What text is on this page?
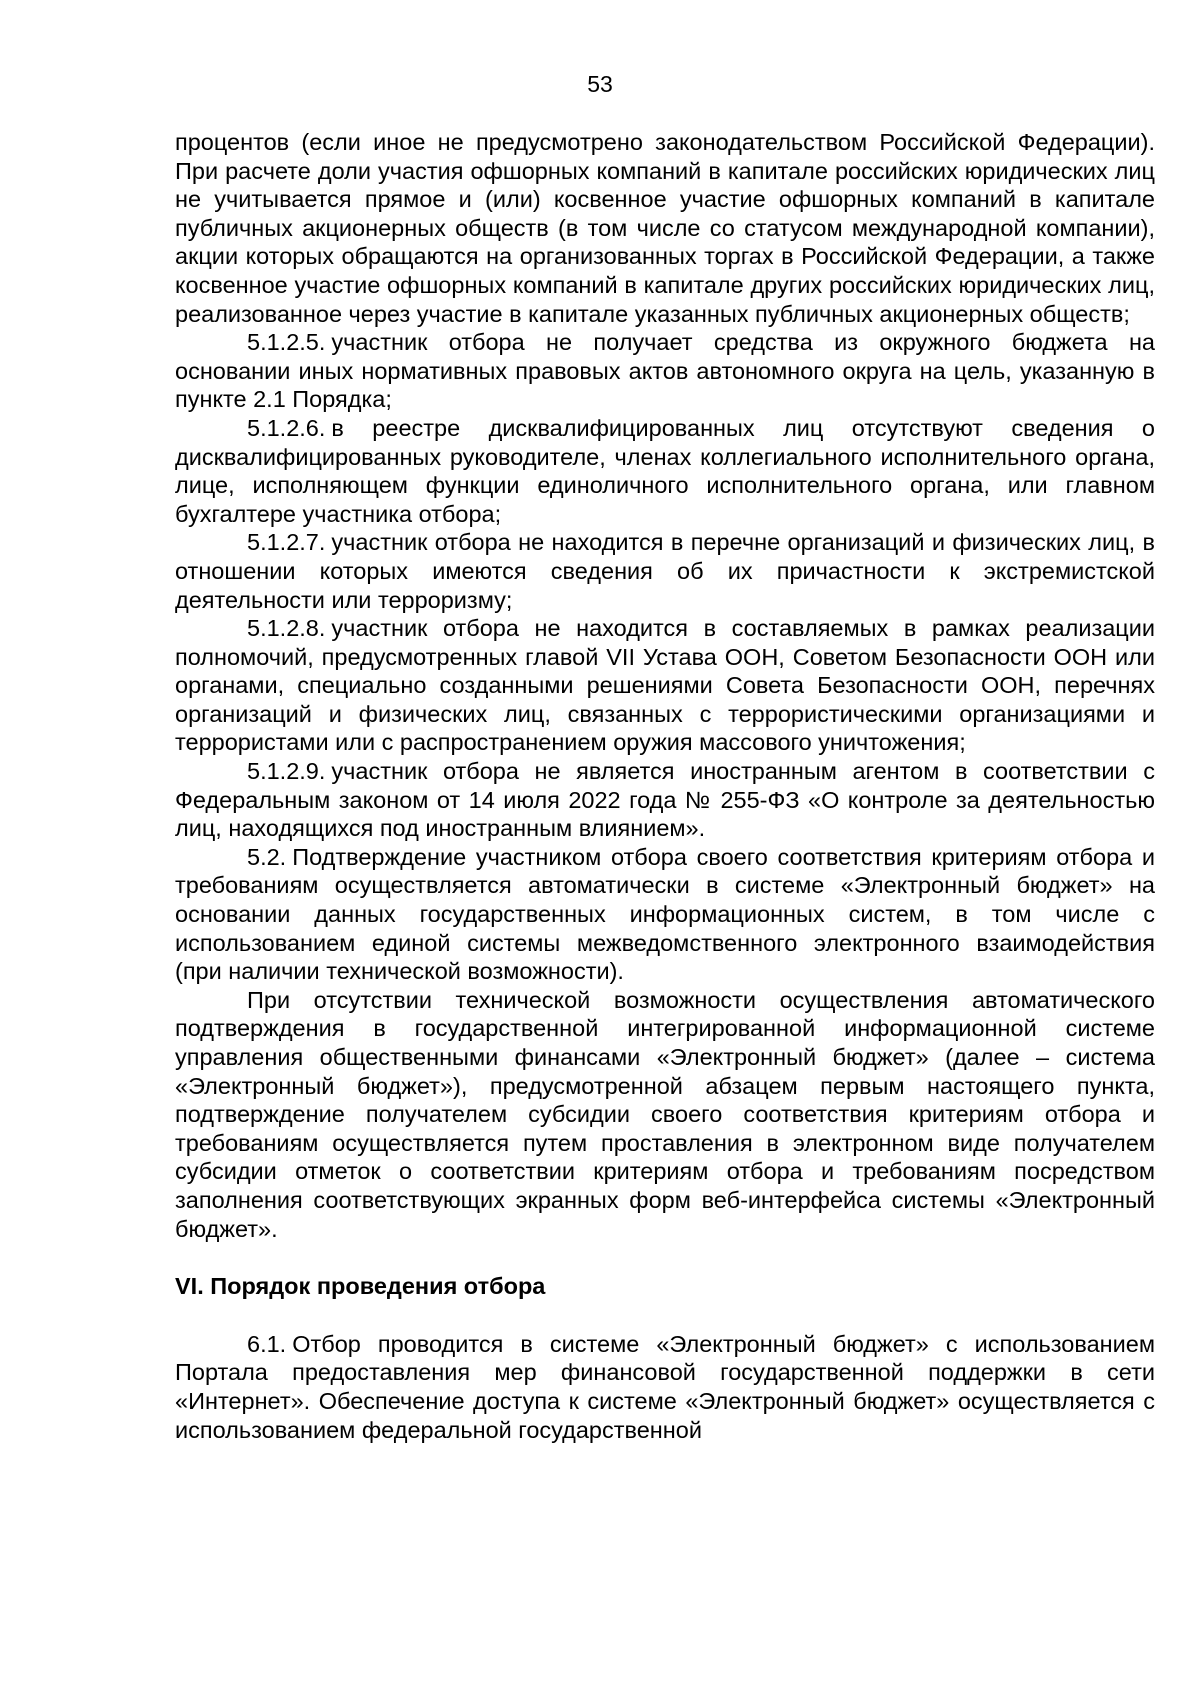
53

процентов (если иное не предусмотрено законодательством Российской Федерации). При расчете доли участия офшорных компаний в капитале российских юридических лиц не учитывается прямое и (или) косвенное участие офшорных компаний в капитале публичных акционерных обществ (в том числе со статусом международной компании), акции которых обращаются на организованных торгах в Российской Федерации, а также косвенное участие офшорных компаний в капитале других российских юридических лиц, реализованное через участие в капитале указанных публичных акционерных обществ;

5.1.2.5. участник отбора не получает средства из окружного бюджета на основании иных нормативных правовых актов автономного округа на цель, указанную в пункте 2.1 Порядка;

5.1.2.6. в реестре дисквалифицированных лиц отсутствуют сведения о дисквалифицированных руководителе, членах коллегиального исполнительного органа, лице, исполняющем функции единоличного исполнительного органа, или главном бухгалтере участника отбора;

5.1.2.7. участник отбора не находится в перечне организаций и физических лиц, в отношении которых имеются сведения об их причастности к экстремистской деятельности или терроризму;

5.1.2.8. участник отбора не находится в составляемых в рамках реализации полномочий, предусмотренных главой VII Устава ООН, Советом Безопасности ООН или органами, специально созданными решениями Совета Безопасности ООН, перечнях организаций и физических лиц, связанных с террористическими организациями и террористами или с распространением оружия массового уничтожения;

5.1.2.9. участник отбора не является иностранным агентом в соответствии с Федеральным законом от 14 июля 2022 года № 255-ФЗ «О контроле за деятельностью лиц, находящихся под иностранным влиянием».

5.2. Подтверждение участником отбора своего соответствия критериям отбора и требованиям осуществляется автоматически в системе «Электронный бюджет» на основании данных государственных информационных систем, в том числе с использованием единой системы межведомственного электронного взаимодействия (при наличии технической возможности).

При отсутствии технической возможности осуществления автоматического подтверждения в государственной интегрированной информационной системе управления общественными финансами «Электронный бюджет» (далее – система «Электронный бюджет»), предусмотренной абзацем первым настоящего пункта, подтверждение получателем субсидии своего соответствия критериям отбора и требованиям осуществляется путем проставления в электронном виде получателем субсидии отметок о соответствии критериям отбора и требованиям посредством заполнения соответствующих экранных форм веб-интерфейса системы «Электронный бюджет».

VI. Порядок проведения отбора

6.1. Отбор проводится в системе «Электронный бюджет» с использованием Портала предоставления мер финансовой государственной поддержки в сети «Интернет». Обеспечение доступа к системе «Электронный бюджет» осуществляется с использованием федеральной государственной
